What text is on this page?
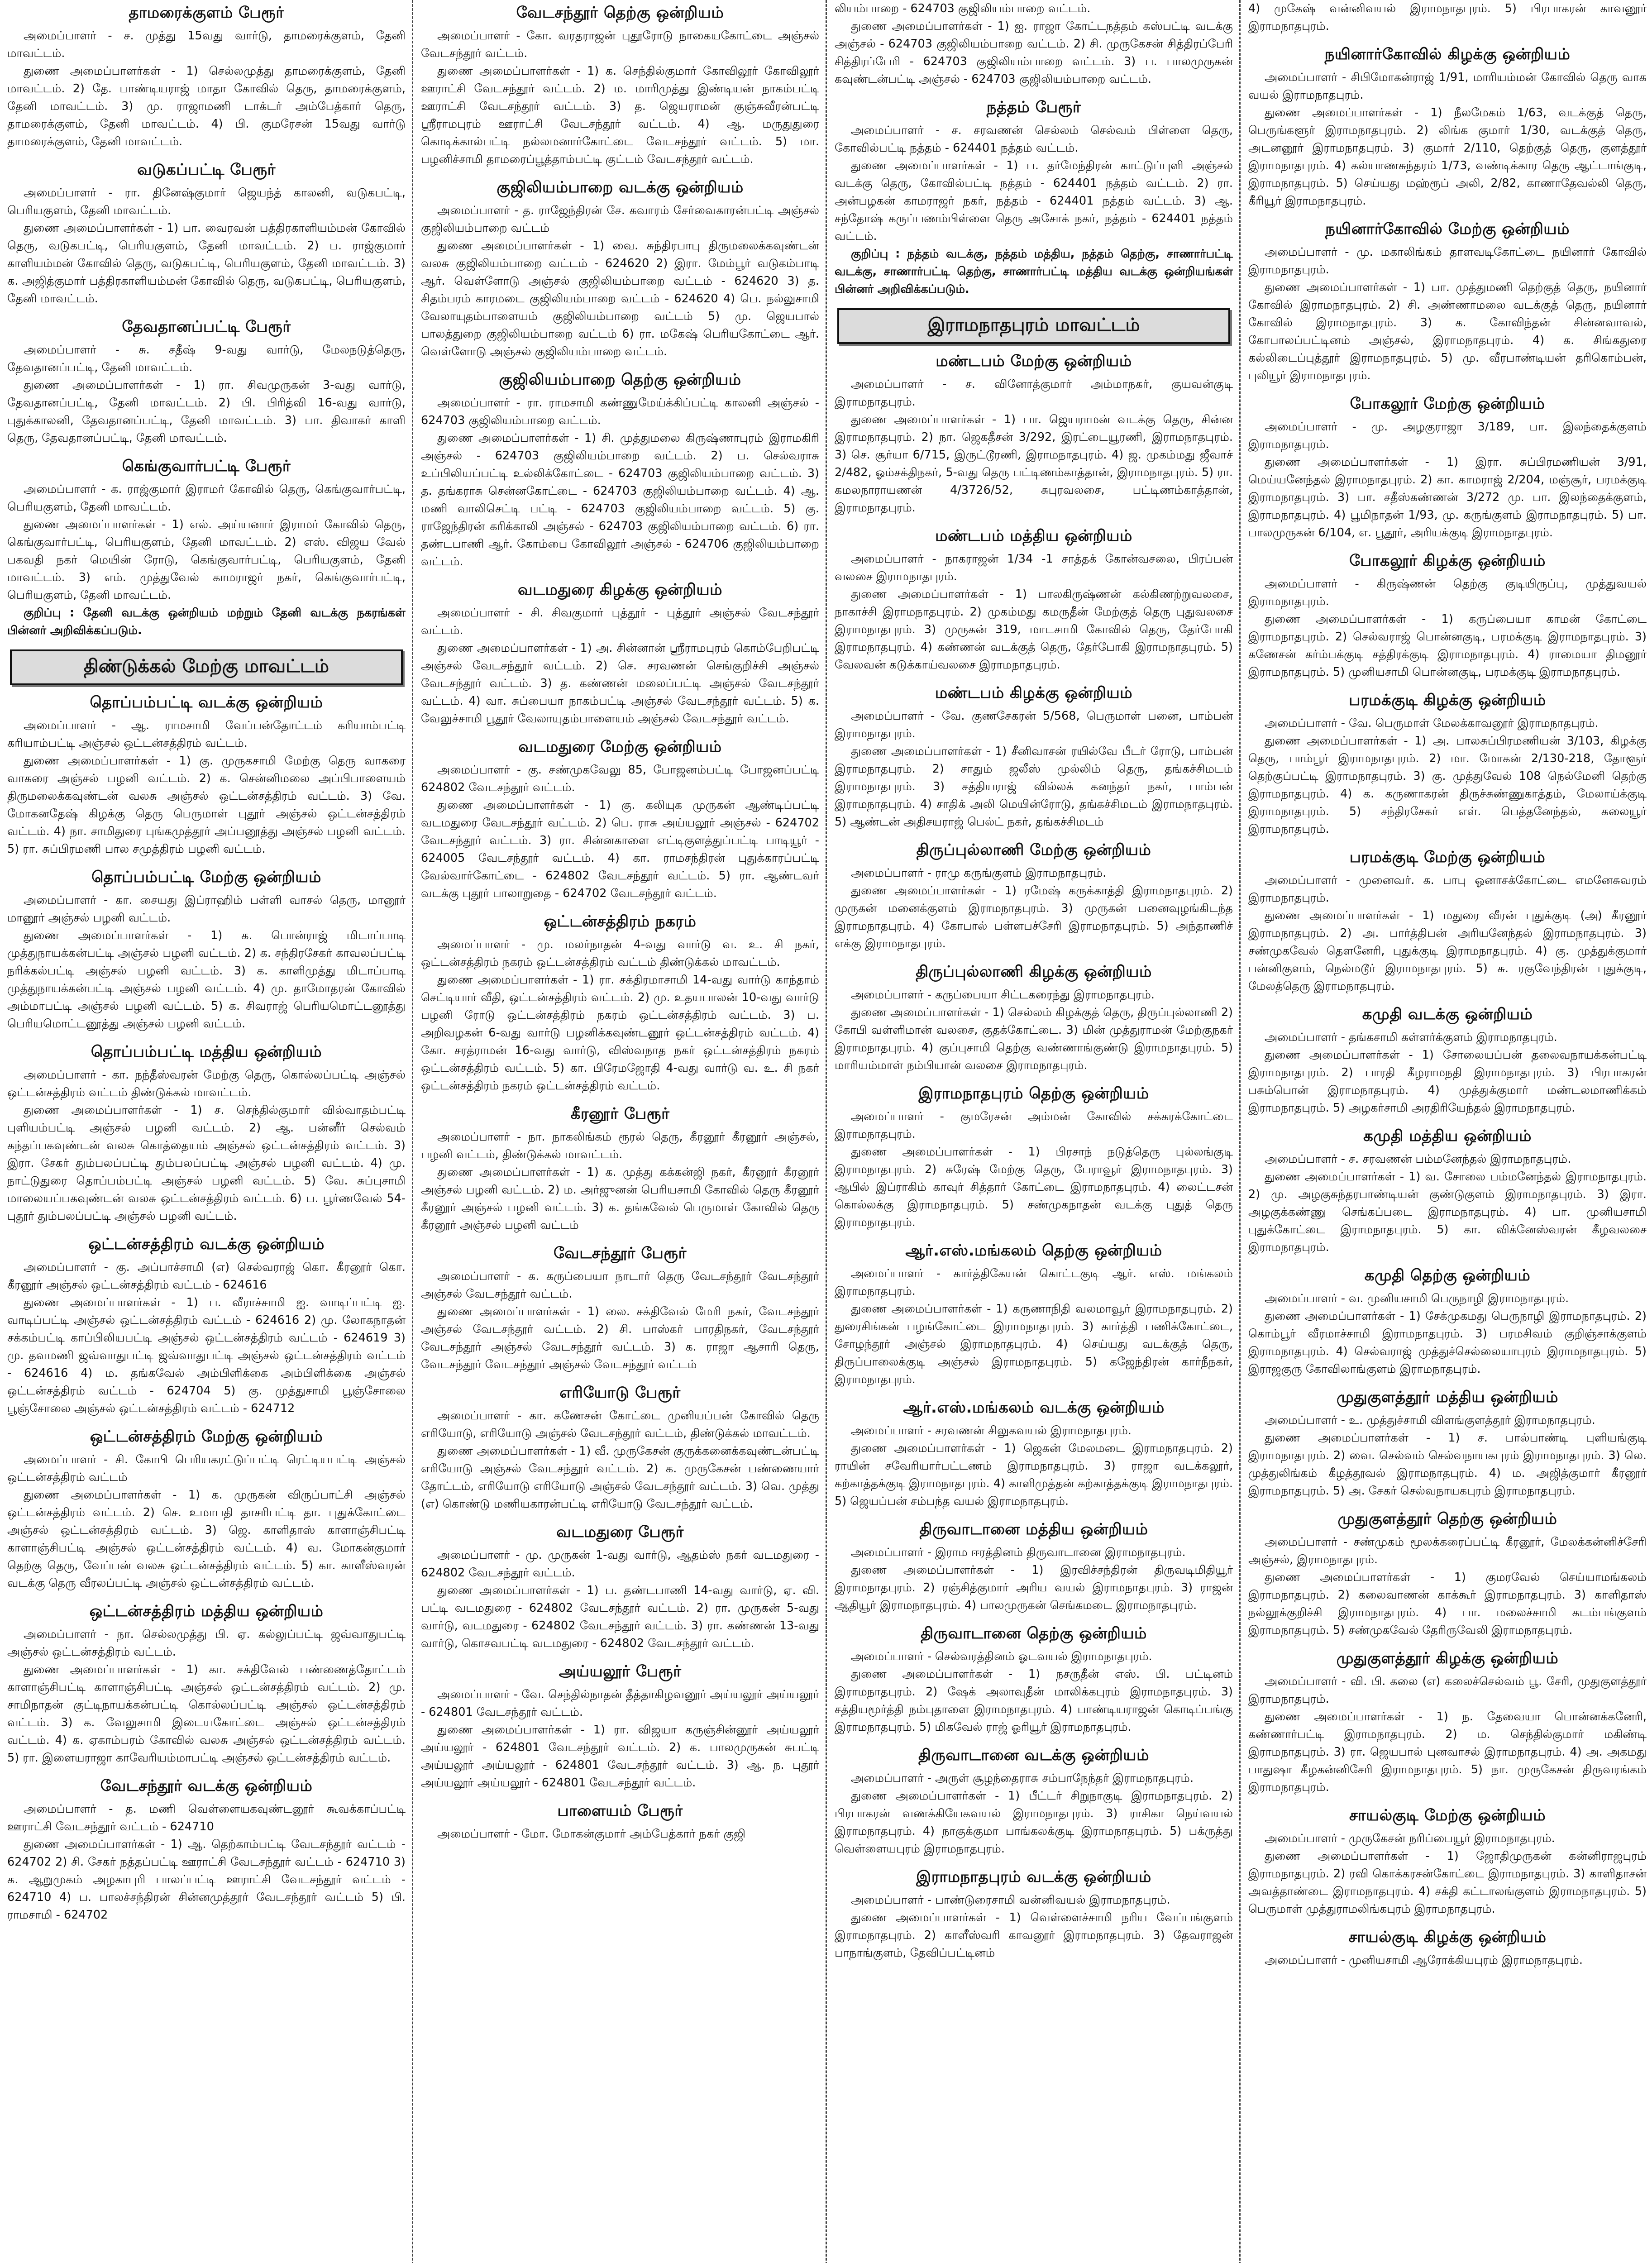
தாமரைக்குளம் பேரூர்

அமைப்பாளர் - ச. முத்து 15வது வார்டு, தாமரைக்குளம், தேனி மாவட்டம்.

துணை அமைப்பாளர்கள் - 1) செல்லமுத்து தாமரைக்குளம், தேனி மாவட்டம். 2) தே. பாண்டியராஜ் மாதா கோவில் தெரு, தாமரைக்குளம், தேனி மாவட்டம். 3) மு. ராஜாமணி டாக்டர் அம்பேத்கார் தெரு, தாமரைக்குளம், தேனி மாவட்டம். 4) பி. குமரேசன் 15வது வார்டு தாமரைக்குளம், தேனி மாவட்டம்.

வடுகப்பட்டி பேரூர்

அமைப்பாளர் - ரா. தினேஷ்குமார் ஜெயந்த் காலனி, வடுகபட்டி, பெரியகுளம், தேனி மாவட்டம்.

துணை அமைப்பாளர்கள் - 1) பா. வைரவன் பத்திரகாளியம்மன் கோவில் தெரு, வடுகபட்டி, பெரியகுளம், தேனி மாவட்டம். 2) ப. ராஜ்குமார் காளியம்மன் கோவில் தெரு, வடுகபட்டி, பெரியகுளம், தேனி மாவட்டம். 3) க. அஜித்குமார் பத்திரகாளியம்மன் கோவில் தெரு, வடுகபட்டி, பெரியகுளம், தேனி மாவட்டம்.

தேவதானப்பட்டி பேரூர்

அமைப்பாளர் - சு. சதீஷ் 9-வது வார்டு, மேலநடுத்தெரு, தேவதானப்பட்டி, தேனி மாவட்டம்.

துணை அமைப்பாளர்கள் - 1) ரா. சிவமுருகன் 3-வது வார்டு, தேவதானப்பட்டி, தேனி மாவட்டம். 2) பி. பிரித்வி 16-வது வார்டு, புதுக்காலனி, தேவதானப்பட்டி, தேனி மாவட்டம். 3) பா. திவாகர் காளி தெரு, தேவதானப்பட்டி, தேனி மாவட்டம்.

கெங்குவார்பட்டி பேரூர்

அமைப்பாளர் - க. ராஜ்குமார் இராமர் கோவில் தெரு, கெங்குவார்பட்டி, பெரியகுளம், தேனி மாவட்டம்.

துணை அமைப்பாளர்கள் - 1) எல். அய்யனார் இராமர் கோவில் தெரு, கெங்குவார்பட்டி, பெரியகுளம், தேனி மாவட்டம். 2) எஸ். விஜய வேல் பகவதி நகர் மெயின் ரோடு, கெங்குவார்பட்டி, பெரியகுளம், தேனி மாவட்டம். 3) எம். முத்துவேல் காமராஜர் நகர், கெங்குவார்பட்டி, பெரியகுளம், தேனி மாவட்டம்.

குறிப்பு : தேனி வடக்கு ஒன்றியம் மற்றும் தேனி வடக்கு நகரங்கள் பின்னர் அறிவிக்கப்படும்.

திண்டுக்கல் மேற்கு மாவட்டம்
தொப்பம்பட்டி வடக்கு ஒன்றியம்

அமைப்பாளர் - ஆ. ராமசாமி வேப்பன்தோட்டம் கரியாம்பட்டி கரியாம்பட்டி அஞ்சல் ஒட்டன்சத்திரம் வட்டம்.

துணை அமைப்பாளர்கள் - 1) கு. முருகசாமி மேற்கு தெரு வாகரை வாகரை அஞ்சல் பழனி வட்டம். 2) க. சென்னிமலை அப்பிபாளையம் திருமலைக்கவுண்டன் வலசு அஞ்சல் ஒட்டன்சத்திரம் வட்டம். 3) வே. மோகனதேஷ் கிழக்கு தெரு பெருமாள் புதூர் அஞ்சல் ஒட்டன்சத்திரம் வட்டம். 4) நா. சாமிதுரை புங்கமுத்தூர் அப்பனூத்து அஞ்சல் பழனி வட்டம். 5) ரா. சுப்பிரமணி பால சமுத்திரம் பழனி வட்டம்.

தொப்பம்பட்டி மேற்கு ஒன்றியம்

அமைப்பாளர் - கா. சையது இப்ராஹிம் பள்ளி வாசல் தெரு, மானூர் மானூர் அஞ்சல் பழனி வட்டம்.

துணை அமைப்பாளர்கள் - 1) க. பொன்ராஜ் மிடாப்பாடி முத்துநாயக்கன்பட்டி அஞ்சல் பழனி வட்டம். 2) க. சந்திரசேகர் காவலப்பட்டி நரிக்கல்பட்டி அஞ்சல் பழனி வட்டம். 3) க. காளிமுத்து மிடாப்பாடி முத்துநாயக்கன்பட்டி அஞ்சல் பழனி வட்டம். 4) மு. தாமோதரன் கோவில் அம்மாபட்டி அஞ்சல் பழனி வட்டம். 5) க. சிவராஜ் பெரியமொட்டனூத்து பெரியமொட்டனூத்து அஞ்சல் பழனி வட்டம்.

தொப்பம்பட்டி மத்திய ஒன்றியம்

அமைப்பாளர் - கா. நந்தீஸ்வரன் மேற்கு தெரு, கொல்லப்பட்டி அஞ்சல் ஒட்டன்சத்திரம் வட்டம் திண்டுக்கல் மாவட்டம்.

துணை அமைப்பாளர்கள் - 1) ச. செந்தில்குமார் வில்வாதம்பட்டி புளியம்பட்டி அஞ்சல் பழனி வட்டம். 2) ஆ. பன்னீர் செல்வம் கந்தப்பகவுண்டன் வலசு கொத்தையம் அஞ்சல் ஒட்டன்சத்திரம் வட்டம். 3) இரா. சேகர் தும்பலப்பட்டி தும்பலப்பட்டி அஞ்சல் பழனி வட்டம். 4) மு. நாட்டுதுரை தொப்பம்பட்டி அஞ்சல் பழனி வட்டம். 5) வே. சுப்புசாமி மாலையப்பகவுண்டன் வலசு ஒட்டன்சத்திரம் வட்டம். 6) ப. பூர்ணவேல் 54-புதூர் தும்பலப்பட்டி அஞ்சல் பழனி வட்டம்.

ஒட்டன்சத்திரம் வடக்கு ஒன்றியம்

அமைப்பாளர் - கு. அப்பாச்சாமி (எ) செல்வராஜ் கொ. கீரனூர் கொ. கீரனூர் அஞ்சல் ஒட்டன்சத்திரம் வட்டம் - 624616

துணை அமைப்பாளர்கள் - 1) ப. வீராச்சாமி ஐ. வாடிப்பட்டி ஐ. வாடிப்பட்டி அஞ்சல் ஒட்டன்சத்திரம் வட்டம் - 624616 2) மு. லோகநாதன் சக்கம்பட்டி காப்பிலியபட்டி அஞ்சல் ஒட்டன்சத்திரம் வட்டம் - 624619 3) மு. தவமணி ஜவ்வாதுபட்டி ஜவ்வாதுபட்டி அஞ்சல் ஒட்டன்சத்திரம் வட்டம் - 624616 4) ம. தங்கவேல் அம்பிளிக்கை அம்பிளிக்கை அஞ்சல் ஒட்டன்சத்திரம் வட்டம் - 624704 5) கு. முத்துசாமி பூஞ்சோலை பூஞ்சோலை அஞ்சல் ஒட்டன்சத்திரம் வட்டம் - 624712

ஒட்டன்சத்திரம் மேற்கு ஒன்றியம்

அமைப்பாளர் - சி. கோபி பெரியகரட்டுப்பட்டி ரெட்டியபட்டி அஞ்சல் ஒட்டன்சத்திரம் வட்டம்

துணை அமைப்பாளர்கள் - 1) க. முருகன் விருப்பாட்சி அஞ்சல் ஒட்டன்சத்திரம் வட்டம். 2) செ. உமாபதி தாசரிபட்டி தா. புதுக்கோட்டை அஞ்சல் ஒட்டன்சத்திரம் வட்டம். 3) ஜெ. காளிதாஸ் காளாஞ்சிபட்டி காளாஞ்சிபட்டி அஞ்சல் ஒட்டன்சத்திரம் வட்டம். 4) வ. மோகன்குமார் தெற்கு தெரு, வேப்பன் வலசு ஒட்டன்சத்திரம் வட்டம். 5) கா. காளீஸ்வரன் வடக்கு தெரு வீரலப்பட்டி அஞ்சல் ஒட்டன்சத்திரம் வட்டம்.

ஒட்டன்சத்திரம் மத்திய ஒன்றியம்

அமைப்பாளர் - நா. செல்லமுத்து பி. ஏ. கல்லுப்பட்டி ஜவ்வாதுபட்டி அஞ்சல் ஒட்டன்சத்திரம் வட்டம்.

துணை அமைப்பாளர்கள் - 1) கா. சக்திவேல் பண்ணைத்தோட்டம் காளாஞ்சிபட்டி காளாஞ்சிபட்டி அஞ்சல் ஒட்டன்சத்திரம் வட்டம். 2) மு. சாமிநாதன் குட்டிநாயக்கன்பட்டி கொல்லப்பட்டி அஞ்சல் ஒட்டன்சத்திரம் வட்டம். 3) க. வேலுசாமி இடையகோட்டை அஞ்சல் ஒட்டன்சத்திரம் வட்டம். 4) க. ஏகாம்பரம் கோவில் வலசு அஞ்சல் ஒட்டன்சத்திரம் வட்டம். 5) ரா. இளையராஜா காவேரியம்மாபட்டி அஞ்சல் ஒட்டன்சத்திரம் வட்டம்.

வேடசந்தூர் வடக்கு ஒன்றியம்

அமைப்பாளர் - த. மணி வெள்ளையகவுண்டனூர் கூவக்காப்பட்டி ஊராட்சி வேடசந்தூர் வட்டம் - 624710

துணை அமைப்பாளர்கள் - 1) ஆ. தெற்காம்பட்டி வேடசந்தூர் வட்டம் - 624702 2) சி. சேகர் நத்தப்பட்டி ஊராட்சி வேடசந்தூர் வட்டம் - 624710 3) க. ஆறுமுகம் அழகாபுரி பாலப்பட்டி ஊராட்சி வேடசந்தூர் வட்டம் - 624710 4) ப. பாலச்சந்திரன் சின்னமுத்தூர் வேடசந்தூர் வட்டம் 5) பி. ராமசாமி - 624702

வேடசந்தூர் தெற்கு ஒன்றியம்

அமைப்பாளர் - கோ. வரதராஜன் புதூரோடு நாகையகோட்டை அஞ்சல் வேடசந்தூர் வட்டம்.

துணை அமைப்பாளர்கள் - 1) க. செந்தில்குமார் கோவிலூர் கோவிலூர் ஊராட்சி வேடசந்தூர் வட்டம். 2) ம. மாரிமுத்து இண்டியன் நாகம்பட்டி ஊராட்சி வேடசந்தூர் வட்டம். 3) த. ஜெயராமன் குஞ்சுவீரன்பட்டி ஸ்ரீராமபுரம் ஊராட்சி வேடசந்தூர் வட்டம். 4) ஆ. மருதுதுரை கொடிக்கால்பட்டி நல்லமனார்கோட்டை வேடசந்தூர் வட்டம். 5) மா. பழனிச்சாமி தாமரைப்பூத்தாம்பட்டி குட்டம் வேடசந்தூர் வட்டம்.

குஜிலியம்பாறை வடக்கு ஒன்றியம்

அமைப்பாளர் - த. ராஜேந்திரன் சே. கவாரம் சேர்வைகாரன்பட்டி அஞ்சல் குஜிலியம்பாறை வட்டம்

துணை அமைப்பாளர்கள் - 1) வை. சுந்திரபாபு திருமலைக்கவுண்டன் வலசு குஜிலியம்பாறை வட்டம் - 624620 2) இரா. மேம்பூர் வடுகம்பாடி ஆர். வெள்ளோடு அஞ்சல் குஜிலியம்பாறை வட்டம் - 624620 3) த. சிதம்பரம் காரமடை குஜிலியம்பாறை வட்டம் - 624620 4) பெ. நல்லுசாமி வேலாயுதம்பாளையம் குஜிலியம்பாறை வட்டம் 5) மு. ஜெயபால் பாலத்துறை குஜிலியம்பாறை வட்டம் 6) ரா. மகேஷ் பெரியகோட்டை ஆர். வெள்ளோடு அஞ்சல் குஜிலியம்பாறை வட்டம்.

குஜிலியம்பாறை தெற்கு ஒன்றியம்

அமைப்பாளர் - ரா. ராமசாமி கண்ணுமேய்க்கிப்பட்டி காலனி அஞ்சல் - 624703 குஜிலியம்பாறை வட்டம்.

துணை அமைப்பாளர்கள் - 1) சி. முத்துமலை கிருஷ்ணாபுரம் இராமகிரி அஞ்சல் - 624703 குஜிலியம்பாறை வட்டம். 2) ப. செல்வராசு உப்பிலியப்பட்டி உல்லிக்கோட்டை - 624703 குஜிலியம்பாறை வட்டம். 3) த. தங்கராசு சென்னகோட்டை - 624703 குஜிலியம்பாறை வட்டம். 4) ஆ. மணி வாலிசெட்டி பட்டி - 624703 குஜிலியம்பாறை வட்டம். 5) கு. ராஜேந்திரன் கரிக்காலி அஞ்சல் - 624703 குஜிலியம்பாறை வட்டம். 6) ரா. தண்டபாணி ஆர். கோம்பை கோவிலூர் அஞ்சல் - 624706 குஜிலியம்பாறை வட்டம்.

வடமதுரை கிழக்கு ஒன்றியம்

அமைப்பாளர் - சி. சிவகுமார் புத்தூர் - புத்தூர் அஞ்சல் வேடசந்தூர் வட்டம்.

துணை அமைப்பாளர்கள் - 1) அ. சின்னான் ஸ்ரீராமபுரம் கொம்பேறிபட்டி அஞ்சல் வேடசந்தூர் வட்டம். 2) செ. சரவணன் செங்குறிச்சி அஞ்சல் வேடசந்தூர் வட்டம். 3) த. கண்ணன் மலைப்பட்டி அஞ்சல் வேடசந்தூர் வட்டம். 4) வா. சுப்பையா நாகம்பட்டி அஞ்சல் வேடசந்தூர் வட்டம். 5) க. வேலுச்சாமி பூதூர் வேலாயுதம்பாளையம் அஞ்சல் வேடசந்தூர் வட்டம்.

வடமதுரை மேற்கு ஒன்றியம்

அமைப்பாளர் - கு. சண்முகவேலு 85, போஜனம்பட்டி போஜனப்பட்டி 624802 வேடசந்தூர் வட்டம்.

துணை அமைப்பாளர்கள் - 1) கு. கலியுக முருகன் ஆண்டிப்பட்டி வடமதுரை வேடசந்தூர் வட்டம். 2) பெ. ராசு அய்யலூர் அஞ்சல் - 624702 வேடசந்தூர் வட்டம். 3) ரா. சின்னகாளை எட்டிகுளத்துப்பட்டி பாடியூர் - 624005 வேடசந்தூர் வட்டம். 4) கா. ராமசந்திரன் புதுக்காரப்பட்டி வேல்வார்கோட்டை - 624802 வேடசந்தூர் வட்டம். 5) ரா. ஆண்டவர் வடக்கு புதூர் பாலாறுதை - 624702 வேடசந்தூர் வட்டம்.

ஒட்டன்சத்திரம் நகரம்

அமைப்பாளர் - மு. மலர்நாதன் 4-வது வார்டு வ. உ. சி நகர், ஒட்டன்சத்திரம் நகரம் ஒட்டன்சத்திரம் வட்டம் திண்டுக்கல் மாவட்டம்.

துணை அமைப்பாளர்கள் - 1) ரா. சக்திரமாசாமி 14-வது வார்டு காந்தாம் செட்டியார் வீதி, ஒட்டன்சத்திரம் வட்டம். 2) மு. உதயபாலன் 10-வது வார்டு பழனி ரோடு ஒட்டன்சத்திரம் நகரம் ஒட்டன்சத்திரம் வட்டம். 3) ப. அறிவழகன் 6-வது வார்டு பழனிக்கவுண்டனூர் ஒட்டன்சத்திரம் வட்டம். 4) கோ. சரத்ராமன் 16-வது வார்டு, விஸ்வநாத நகர் ஒட்டன்சத்திரம் நகரம் ஒட்டன்சத்திரம் வட்டம். 5) கா. பிரேமஜோதி 4-வது வார்டு வ. உ. சி நகர் ஒட்டன்சத்திரம் நகரம் ஒட்டன்சத்திரம் வட்டம்.

கீரனூர் பேரூர்

அமைப்பாளர் - நா. நாகலிங்கம் ரூரல் தெரு, கீரனூர் கீரனூர் அஞ்சல், பழனி வட்டம், திண்டுக்கல் மாவட்டம்.

துணை அமைப்பாளர்கள் - 1) க. முத்து கக்கன்ஜி நகர், கீரனூர் கீரனூர் அஞ்சல் பழனி வட்டம். 2) ம. அர்ஜுனன் பெரியசாமி கோவில் தெரு கீரனூர் கீரனூர் அஞ்சல் பழனி வட்டம். 3) க. தங்கவேல் பெருமாள் கோவில் தெரு கீரனூர் அஞ்சல் பழனி வட்டம்

வேடசந்தூர் பேரூர்

அமைப்பாளர் - க. கருப்பையா நாடார் தெரு வேடசந்தூர் வேடசந்தூர் அஞ்சல் வேடசந்தூர் வட்டம்.

துணை அமைப்பாளர்கள் - 1) லை. சக்திவேல் மேரி நகர், வேடசந்தூர் அஞ்சல் வேடசந்தூர் வட்டம். 2) சி. பாஸ்கர் பாரதிநகர், வேடசந்தூர் வேடசந்தூர் அஞ்சல் வேடசந்தூர் வட்டம். 3) க. ராஜா ஆசாரி தெரு, வேடசந்தூர் வேடசந்தூர் அஞ்சல் வேடசந்தூர் வட்டம்

எரியோடு பேரூர்

அமைப்பாளர் - கா. கணேசன் கோட்டை முனியப்பன் கோவில் தெரு எரியோடு, எரியோடு அஞ்சல் வேடசந்தூர் வட்டம், திண்டுக்கல் மாவட்டம்.

துணை அமைப்பாளர்கள் - 1) வீ. முருகேசன் குருக்கனைக்கவுண்டன்பட்டி எரியோடு அஞ்சல் வேடசந்தூர் வட்டம். 2) க. முருகேசன் பண்ணையார் தோட்டம், எரியோடு எரியோடு அஞ்சல் வேடசந்தூர் வட்டம். 3) வெ. முத்து (எ) கொண்டு மணியகாரன்பட்டி எரியோடு வேடசந்தூர் வட்டம்.

வடமதுரை பேரூர்

அமைப்பாளர் - மு. முருகன் 1-வது வார்டு, ஆதம்ஸ் நகர் வடமதுரை - 624802 வேடசந்தூர் வட்டம்.

துணை அமைப்பாளர்கள் - 1) ப. தண்டபாணி 14-வது வார்டு, ஏ. வி. பட்டி வடமதுரை - 624802 வேடசந்தூர் வட்டம். 2) ரா. முருகன் 5-வது வார்டு, வடமதுரை - 624802 வேடசந்தூர் வட்டம். 3) ரா. கண்ணன் 13-வது வார்டு, கொசவபட்டி வடமதுரை - 624802 வேடசந்தூர் வட்டம்.

அய்யலூர் பேரூர்

அமைப்பாளர் - வே. செந்தில்நாதன் தீத்தாகிழவனூர் அய்யலூர் அய்யலூர் - 624801 வேடசந்தூர் வட்டம்.

துணை அமைப்பாளர்கள் - 1) ரா. விஜயா கருஞ்சின்னூர் அய்யலூர் அய்யலூர் - 624801 வேடசந்தூர் வட்டம். 2) க. பாலமுருகன் சுபட்டி அய்யலூர் அய்யலூர் - 624801 வேடசந்தூர் வட்டம். 3) ஆ. ந. புதூர் அய்யலூர் அய்யலூர் - 624801 வேடசந்தூர் வட்டம்.

பாளையம் பேரூர்

அமைப்பாளர் - மோ. மோகன்குமார் அம்பேத்கார் நகர் குஜி

லியம்பாறை - 624703 குஜிலியம்பாறை வட்டம்.

துணை அமைப்பாளர்கள் - 1) ஐ. ராஜா கோட்டநத்தம் கஸ்பட்டி வடக்கு அஞ்சல் - 624703 குஜிலியம்பாறை வட்டம். 2) சி. முருகேசன் சித்திரப்பேரி சித்திரப்பேரி - 624703 குஜிலியம்பாறை வட்டம். 3) ப. பாலமுருகன் கவுண்டன்பட்டி அஞ்சல் - 624703 குஜிலியம்பாறை வட்டம்.

நத்தம் பேரூர்

அமைப்பாளர் - ச. சரவணன் செல்லம் செல்வம் பிள்ளை தெரு, கோவில்பட்டி நத்தம் - 624401 நத்தம் வட்டம்.

துணை அமைப்பாளர்கள் - 1) ப. தர்மேந்திரன் காட்டுப்புளி அஞ்சல் வடக்கு தெரு, கோவில்பட்டி நத்தம் - 624401 நத்தம் வட்டம். 2) ரா. அன்பழகன் காமராஜர் நகர், நத்தம் - 624401 நத்தம் வட்டம். 3) ஆ. சந்தோஷ் கருப்பணம்பிள்ளை தெரு அசோக் நகர், நத்தம் - 624401 நத்தம் வட்டம்.

குறிப்பு : நத்தம் வடக்கு, நத்தம் மத்திய, நத்தம் தெற்கு, சாணார்பட்டி வடக்கு, சாணார்பட்டி தெற்கு, சாணார்பட்டி மத்திய வடக்கு ஒன்றியங்கள் பின்னர் அறிவிக்கப்படும்.

இராமநாதபுரம் மாவட்டம்
மண்டபம் மேற்கு ஒன்றியம்

அமைப்பாளர் - ச. வினோத்குமார் அம்மாநகர், குயவன்குடி இராமநாதபுரம்.

துணை அமைப்பாளர்கள் - 1) பா. ஜெயராமன் வடக்கு தெரு, சின்ன இராமநாதபுரம். 2) நா. ஜெகதீசன் 3/292, இரட்டையூரணி, இராமநாதபுரம். 3) செ. சூர்யா 6/715, இருட்டூரணி, இராமநாதபுரம். 4) ஜ. முகம்மது ஜீவாச் 2/482, ஓம்சக்திநகர், 5-வது தெரு பட்டிணம்காத்தான், இராமநாதபுரம். 5) ரா. கமலநாராயணன் 4/3726/52, சுபுரவலசை, பட்டிணம்காத்தான், இராமநாதபுரம்.

மண்டபம் மத்திய ஒன்றியம்

அமைப்பாளர் - நாகராஜன் 1/34 -1 சாத்தக் கோன்வசலை, பிரப்பன் வலசை இராமநாதபுரம்.

துணை அமைப்பாளர்கள் - 1) பாலகிருஷ்ணன் கல்கிணற்றுவலசை, நாகாச்சி இராமநாதபுரம். 2) முகம்மது கமருதீன் மேற்குத் தெரு புதுவலசை இராமநாதபுரம். 3) முருகன் 319, மாடசாமி கோவில் தெரு, தேர்போகி இராமநாதபுரம். 4) கண்ணன் வடக்குத் தெரு, தேர்போகி இராமநாதபுரம். 5) வேலவன் கடுக்காய்வலசை இராமநாதபுரம்.

மண்டபம் கிழக்கு ஒன்றியம்

அமைப்பாளர் - வே. குணசேகரன் 5/568, பெருமாள் பனை, பாம்பன் இராமநாதபுரம்.

துணை அமைப்பாளர்கள் - 1) சீனிவாசன் ரயில்வே பீடர் ரோடு, பாம்பன் இராமநாதபுரம். 2) சாதும் ஜலீஸ் முல்லிம் தெரு, தங்கச்சிமடம் இராமநாதபுரம். 3) சத்தியராஜ் வில்லக் கனந்தர் நகர், பாம்பன் இராமநாதபுரம். 4) சாதிக் அலி மெயின்ரோடு, தங்கச்சிமடம் இராமநாதபுரம். 5) ஆண்டன் அதிசயராஜ் பெல்ட் நகர், தங்கச்சிமடம்

திருப்புல்லாணி மேற்கு ஒன்றியம்

அமைப்பாளர் - ராமு கருங்குளம் இராமநாதபுரம்.

துணை அமைப்பாளர்கள் - 1) ரமேஷ் கருக்காத்தி இராமநாதபுரம். 2) முருகன் மனைக்குளம் இராமநாதபுரம். 3) முருகன் பனைவுழங்கிடந்த இராமநாதபுரம். 4) கோபால் பள்ளபச்சேரி இராமநாதபுரம். 5) அந்தாணிச் எக்கு இராமநாதபுரம்.

திருப்புல்லாணி கிழக்கு ஒன்றியம்

அமைப்பாளர் - கருப்பையா சிட்டகரைந்து இராமநாதபுரம்.

துணை அமைப்பாளர்கள் - 1) செல்லம் கிழக்குத் தெரு, திருப்புல்லாணி 2) கோபி வள்ளிமான் வலசை, குதக்கோட்டை. 3) மின் முத்துராமன் மேற்குநகர் இராமநாதபுரம். 4) குப்புசாமி தெற்கு வண்ணாங்குண்டு இராமநாதபுரம். 5) மாரியம்மாள் நம்பியான் வலசை இராமநாதபுரம்.

இராமநாதபுரம் தெற்கு ஒன்றியம்

அமைப்பாளர் - குமரேசன் அம்மன் கோவில் சக்கரக்கோட்டை இராமநாதபுரம்.

துணை அமைப்பாளர்கள் - 1) பிரசாந் நடுத்தெரு புல்லங்குடி இராமநாதபுரம். 2) சுரேஷ் மேற்கு தெரு, பேராவூர் இராமநாதபுரம். 3) ஆபில் இப்ராகிம் காவுர் சித்தார் கோட்டை இராமநாதபுரம். 4) லைட்டசன் கொல்லக்கு இராமநாதபுரம். 5) சண்முகநாதன் வடக்கு புதுத் தெரு இராமநாதபுரம்.

ஆர்.எஸ்.மங்கலம் தெற்கு ஒன்றியம்

அமைப்பாளர் - கார்த்திகேயன் கொட்டகுடி ஆர். எஸ். மங்கலம் இராமநாதபுரம்.

துணை அமைப்பாளர்கள் - 1) கருணாநிதி வலமாவூர் இராமநாதபுரம். 2) துரைசிங்கன் பழங்கோட்டை இராமநாதபுரம். 3) கார்த்தி பணிக்கோட்டை, சோழந்தூர் அஞ்சல் இராமநாதபுரம். 4) செய்யது வடக்குத் தெரு, திருப்பாலைக்குடி அஞ்சல் இராமநாதபுரம். 5) கஜேந்திரன் கார்நீநகர், இராமநாதபுரம்.

ஆர்.எஸ்.மங்கலம் வடக்கு ஒன்றியம்

அமைப்பாளர் - சரவணன் சிலுகவயல் இராமநாதபுரம்.

துணை அமைப்பாளர்கள் - 1) ஜெகன் மேலமடை இராமநாதபுரம். 2) ராயின் சவேரியார்பட்டணம் இராமநாதபுரம். 3) ராஜா வடக்கலூர், கற்காத்தக்குடி இராமநாதபுரம். 4) காளிமுத்தன் கற்காத்தக்குடி இராமநாதபுரம். 5) ஜெயப்பன் சம்பந்த வயல் இராமநாதபுரம்.

திருவாடானை மத்திய ஒன்றியம்

அமைப்பாளர் - இராம ஈரத்தினம் திருவாடானை இராமநாதபுரம்.

துணை அமைப்பாளர்கள் - 1) இரவிச்சந்திரன் திருவடிமிதியூர் இராமநாதபுரம். 2) ரஞ்சித்குமார் அரிய வயல் இராமநாதபுரம். 3) ராஜன் ஆதியூர் இராமநாதபுரம். 4) பாலமுருகன் செங்கமடை இராமநாதபுரம்.

திருவாடானை தெற்கு ஒன்றியம்

அமைப்பாளர் - செல்வரத்தினம் ஓடவயல் இராமநாதபுரம்.

துணை அமைப்பாளர்கள் - 1) நசருதீன் எஸ். பி. பட்டினம் இராமநாதபுரம். 2) ஷேக் அலாவுதீன் மாலிக்கபுரம் இராமநாதபுரம். 3) சத்தியமூர்த்தி நம்புதாளை இராமநாதபுரம். 4) பாண்டியராஜன் கொடிப்பங்கு இராமநாதபுரம். 5) மிகவேல் ராஜ் ஓரியூர் இராமநாதபுரம்.

திருவாடானை வடக்கு ஒன்றியம்

அமைப்பாளர் - அருள் சூழந்தைராசு சம்பாநேந்தர் இராமநாதபுரம்.

துணை அமைப்பாளர்கள் - 1) பீட்டர் சிறுநாகுடி இராமநாதபுரம். 2) பிரபாகரன் வணக்கியேகவயல் இராமநாதபுரம். 3) ராசிகா நெய்வயல் இராமநாதபுரம். 4) நாகுக்குமா பாங்கலக்குடி இராமநாதபுரம். 5) பக்ருத்து வெள்ளையபுரம் இராமநாதபுரம்.

இராமநாதபுரம் வடக்கு ஒன்றியம்

அமைப்பாளர் - பாண்டுரைசாமி வன்னிவயல் இராமநாதபுரம்.

துணை அமைப்பாளர்கள் - 1) வெள்ளைச்சாமி நரிய வேப்பங்குளம் இராமநாதபுரம். 2) காளீஸ்வரி காவனூர் இராமநாதபுரம். 3) தேவராஜன் பாநாங்குளம், தேவிப்பட்டினம்

4) முகேஷ் வன்னிவயல் இராமநாதபுரம். 5) பிரபாகரன் காவனூர் இராமநாதபுரம்.

நயினார்கோவில் கிழக்கு ஒன்றியம்

அமைப்பாளர் - சிபிமோகன்ராஜ் 1/91, மாரியம்மன் கோவில் தெரு வாக வயல் இராமநாதபுரம்.

துணை அமைப்பாளர்கள் - 1) நீலமேகம் 1/63, வடக்குத் தெரு, பெருங்களூர் இராமநாதபுரம். 2) லிங்க குமார் 1/30, வடக்குத் தெரு, அடனனூர் இராமநாதபுரம். 3) குமார் 2/110, தெற்குத் தெரு, குளத்தூர் இராமநாதபுரம். 4) கல்யாணசுந்தரம் 1/73, வண்டிக்கார தெரு ஆட்டாங்குடி, இராமநாதபுரம். 5) செய்யது மஹ்ரூப் அலி, 2/82, காணாதேவல்லி தெரு, கீரியூர் இராமநாதபுரம்.

நயினார்கோவில் மேற்கு ஒன்றியம்

அமைப்பாளர் - மு. மகாலிங்கம் தாளவடிகோட்டை நயினார் கோவில் இராமநாதபுரம்.

துணை அமைப்பாளர்கள் - 1) பா. முத்துமணி தெற்குத் தெரு, நயினார் கோவில் இராமநாதபுரம். 2) சி. அண்ணாமலை வடக்குத் தெரு, நயினார் கோவில் இராமநாதபுரம். 3) க. கோவிந்தன் சின்னவாவல், கோபாலப்பட்டினம் அஞ்சல், இராமநாதபுரம். 4) க. சிங்கதுரை கல்லிடைப்புத்தூர் இராமநாதபுரம். 5) மு. வீரபாண்டியன் தரிகொம்பன், புலியூர் இராமநாதபுரம்.

போகலூர் மேற்கு ஒன்றியம்

அமைப்பாளர் - மு. அழகுராஜா 3/189, பா. இலந்தைக்குளம் இராமநாதபுரம்.

துணை அமைப்பாளர்கள் - 1) இரா. சுப்பிரமணியன் 3/91, மெய்யனேந்தல் இராமநாதபுரம். 2) கா. காமராஜ் 2/204, மஞ்சூர், பரமக்குடி இராமநாதபுரம். 3) பா. சதீஸ்கண்ணன் 3/272 மு. பா. இலந்தைக்குளம், இராமநாதபுரம். 4) பூமிநாதன் 1/93, மு. கருங்குளம் இராமநாதபுரம். 5) பா. பாலமுருகன் 6/104, எ. பூதூர், அரியக்குடி இராமநாதபுரம்.

போகலூர் கிழக்கு ஒன்றியம்

அமைப்பாளர் - கிருஷ்ணன் தெற்கு குடியிருப்பு, முத்துவயல் இராமநாதபுரம்.

துணை அமைப்பாளர்கள் - 1) கருப்பையா காமன் கோட்டை இராமநாதபுரம். 2) செல்வராஜ் பொன்னகுடி, பரமக்குடி இராமநாதபுரம். 3) கணேசன் கர்ம்பக்குடி சத்திரக்குடி இராமநாதபுரம். 4) ராமையா திமனூர் இராமநாதபுரம். 5) முனியசாமி பொன்னகுடி, பரமக்குடி இராமநாதபுரம்.

பரமக்குடி கிழக்கு ஒன்றியம்

அமைப்பாளர் - வே. பெருமாள் மேலக்காவனூர் இராமநாதபுரம்.

துணை அமைப்பாளர்கள் - 1) அ. பாலசுப்பிரமணியன் 3/103, கிழக்கு தெரு, பாம்பூர் இராமநாதபுரம். 2) மா. மோகன் 2/130-218, தோளூர் தெற்குப்பட்டி இராமநாதபுரம். 3) கு. முத்துவேல் 108 நெல்மேனி தெற்கு இராமநாதபுரம். 4) க. கருணாகரன் திருச்சுண்ணுகாத்தம், மேலாய்க்குடி இராமநாதபுரம். 5) சந்திரசேகர் எள். பெத்தனேந்தல், கலையூர் இராமநாதபுரம்.

பரமக்குடி மேற்கு ஒன்றியம்

அமைப்பாளர் - முனைவர். க. பாபு ஓனாசக்கோட்டை எமனேசுவரம் இராமநாதபுரம்.

துணை அமைப்பாளர்கள் - 1) மதுரை வீரன் புதுக்குடி (அ) கீரனூர் இராமநாதபுரம். 2) அ. பார்த்திபன் அரியனேந்தல் இராமநாதபுரம். 3) சண்முகவேல் தெளனேரி, புதுக்குடி இராமநாதபுரம். 4) கு. முத்துக்குமார் பன்னிகுளம், நெல்மடூர் இராமநாதபுரம். 5) சு. ரகுவேந்திரன் புதுக்குடி, மேலத்தெரு இராமநாதபுரம்.

கமுதி வடக்கு ஒன்றியம்

அமைப்பாளர் - தங்கசாமி கள்ளர்க்குளம் இராமநாதபுரம்.

துணை அமைப்பாளர்கள் - 1) சோலையப்பன் தலைவநாயக்கன்பட்டி இராமநாதபுரம். 2) பாரதி கீழராமநதி இராமநாதபுரம். 3) பிரபாகரன் பசும்பொன் இராமநாதபுரம். 4) முத்துக்குமார் மண்டலமாணிக்கம் இராமநாதபுரம். 5) அழகர்சாமி அரதிரியேந்தல் இராமநாதபுரம்.

கமுதி மத்திய ஒன்றியம்

அமைப்பாளர் - ச. சரவணன் பம்மனேந்தல் இராமநாதபுரம்.

துணை அமைப்பாளர்கள் - 1) வ. சோலை பம்மனேந்தல் இராமநாதபுரம். 2) மு. அழகுசுந்தரபாண்டியன் குண்டுகுளம் இராமநாதபுரம். 3) இரா. அழகுக்கண்ணு செங்கப்படை இராமநாதபுரம். 4) பா. முனியசாமி புதுக்கோட்டை இராமநாதபுரம். 5) கா. விக்னேஸ்வரன் கீழவலசை இராமநாதபுரம்.

கமுதி தெற்கு ஒன்றியம்

அமைப்பாளர் - வ. முனியசாமி பெருநாழி இராமநாதபுரம்.

துணை அமைப்பாளர்கள் - 1) சேக்முகமது பெருநாழி இராமநாதபுரம். 2) கொம்பூர் வீரமாச்சாமி இராமநாதபுரம். 3) பரமசிவம் குறிஞ்சாக்குளம் இராமநாதபுரம். 4) செல்வராஜ் முத்துச்செல்லையாபுரம் இராமநாதபுரம். 5) இராஜகுரு கோவிலாங்குளம் இராமநாதபுரம்.

முதுகுளத்தூர் மத்திய ஒன்றியம்

அமைப்பாளர் - உ. முத்துச்சாமி விளங்குளத்தூர் இராமநாதபுரம்.

துணை அமைப்பாளர்கள் - 1) ச. பால்பாண்டி புளியங்குடி இராமநாதபுரம். 2) வை. செல்வம் செல்வநாயகபுரம் இராமநாதபுரம். 3) லெ. முத்துலிங்கம் கீழத்தூவல் இராமநாதபுரம். 4) ம. அஜித்குமார் கீரனூர் இராமநாதபுரம். 5) அ. சேகர் செல்வநாயகபுரம் இராமநாதபுரம்.

முதுகுளத்தூர் தெற்கு ஒன்றியம்

அமைப்பாளர் - சண்முகம் மூலக்கரைப்பட்டி கீரனூர், மேலக்கன்னிச்சேரி அஞ்சல், இராமநாதபுரம்.

துணை அமைப்பாளர்கள் - 1) குமரவேல் செய்யாமங்கலம் இராமநாதபுரம். 2) கலைவாணன் காக்கூர் இராமநாதபுரம். 3) காளிதாஸ் நல்லூக்குறிச்சி இராமநாதபுரம். 4) பா. மலைச்சாமி கடம்பங்குளம் இராமநாதபுரம். 5) சண்முகவேல் தேரிருவேலி இராமநாதபுரம்.

முதுகுளத்தூர் கிழக்கு ஒன்றியம்

அமைப்பாளர் - வி. பி. கலை (எ) கலைச்செல்வம் பூ. சேரி, முதுகுளத்தூர் இராமநாதபுரம்.

துணை அமைப்பாளர்கள் - 1) ந. தேவையா பொன்னக்கனேரி, கண்ணார்பட்டி இராமநாதபுரம். 2) ம. செந்தில்குமார் மகிண்டி இராமநாதபுரம். 3) ரா. ஜெயபால் புனவாசல் இராமநாதபுரம். 4) அ. அகமது பாதுஷா கீழகன்னிசேரி இராமநாதபுரம். 5) நா. முருகேசன் திருவரங்கம் இராமநாதபுரம்.

சாயல்குடி மேற்கு ஒன்றியம்

அமைப்பாளர் - முருகேசன் நரிப்பையூர் இராமநாதபுரம்.

துணை அமைப்பாளர்கள் - 1) ஜோதிமுருகன் கன்னிராஜபுரம் இராமநாதபுரம். 2) ரவி கொக்கரசன்கோட்டை இராமநாதபுரம். 3) காளிதாசன் அவத்தாண்டை இராமநாதபுரம். 4) சக்தி கட்டாலங்குளம் இராமநாதபுரம். 5) பெருமாள் முத்துராமலிங்கபுரம் இராமநாதபுரம்.

சாயல்குடி கிழக்கு ஒன்றியம்

அமைப்பாளர் - முனியசாமி ஆரோக்கியபுரம் இராமநாதபுரம்.
